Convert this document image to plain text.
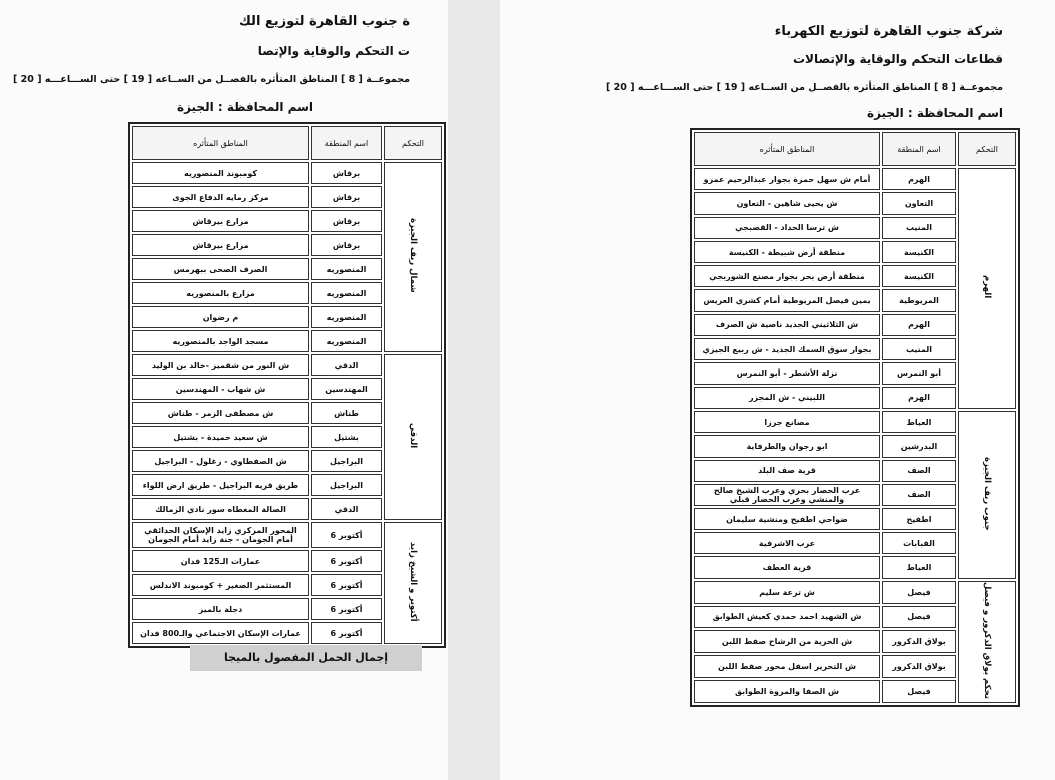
ة جنوب القاهرة لتوزيع الك
ت التحكم والوقاية والإتصا
مجموعــة [ 8 ] المناطق المتأثره بالفصــل من الســاعه [ 19 ] حتى الســـاعـــه [ 20 ]
اسم المحافظة : الجيزة
التحكم	اسم المنطقة	المناطق المتأثره
شمال ريف الجيزة	برقاش	كومبوند المنصوريه
	برقاش	مركز رمايه الدفاع الجوى
	برقاش	مزارع بيرقاش
	برقاش	مزارع بيرقاش
	المنصوريه	الصرف الصحى ببهرمس
	المنصوريه	مزارع بالمنصوريه
	المنصوريه	م رضوان
	المنصوريه	مسجد الواجد بالمنصوريه
الدقي	الدقي	ش النور من شقميز -خالد بن الوليد
	المهندسين	ش شهاب - المهندسين
	طناش	ش مصطفى الزمر - طناش
	بشتيل	ش سعيد حميدة - بشتيل
	البراجيل	ش الصفطاوي - زغلول - البراجيل
	البراجيل	طريق قريه البراجيل - طريق ارض اللواء
	الدقي	الصالة المغطاه سور نادي الزمالك
أكتوبر و الشيخ زايد	أكتوبر 6	المحور المركزي زايد الإسكان الحدائقي أمام الجومان - جنة زايد أمام الجومان
	أكتوبر 6	عمارات الـ125 فدان
	أكتوبر 6	المستثمر الصغير + كومبوند الاندلس
	أكتوبر 6	دجلة بالميز
	أكتوبر 6	عمارات الإسكان الاجتماعي والـ800 فدان
إجمال الحمل المفصول بالميجا
شركة جنوب القاهرة لتوزيع الكهرباء
قطاعات التحكم والوقاية والإتصالات
مجموعــة [ 8 ] المناطق المتأثره بالفصــل من الســاعه [ 19 ] حتى الســـاعـــه [ 20 ]
اسم المحافظة : الجيزة
التحكم	اسم المنطقة	المناطق المتأثره
الهرم	الهرم	أمام ش سهل حمزة بجوار عبدالرحيم عمرو
	التعاون	ش يحيى شاهين - التعاون
	المنيب	ش ترسا الحداد - القصبجي
	الكنيسة	منطقة أرض شبيطة - الكنيسة
	الكنيسة	منطقة أرض بحر بجوار مصنع الشوربجي
	المريوطية	يمين فيصل المريوطية أمام كشري العريس
	الهرم	ش الثلاثيني الجديد ناصية ش الصرف
	المنيب	بجوار سوق السمك الجديد - ش ربيع الجيزي
	أبو النمرس	نزلة الأشطر - أبو النمرس
	الهرم	اللبيني - ش المجزر
جنوب ريف الجيزة	العياط	مصانع جرزا
	البدرشين	ابو رجوان والطرفاية
	الصف	قرية صف البلد
	الصف	عرب الحصار بحري وعرب الشيخ صالح والمنشي وعرب الحصار قبلي
	اطفيح	ضواحي اطفيح ومنشية سليمان
	القبابات	عرب الاشرفية
	العياط	قرية العطف
تحكم بولاق الدكرور و فيصل	فيصل	ش ترعة سليم
	فيصل	ش الشهيد احمد حمدي كعيش الطوابق
	بولاق الدكرور	ش الحرية من الرشاح صفط اللبن
	بولاق الدكرور	ش التحرير اسفل محور صفط اللبن
	فيصل	ش الصفا والمروة الطوابق
